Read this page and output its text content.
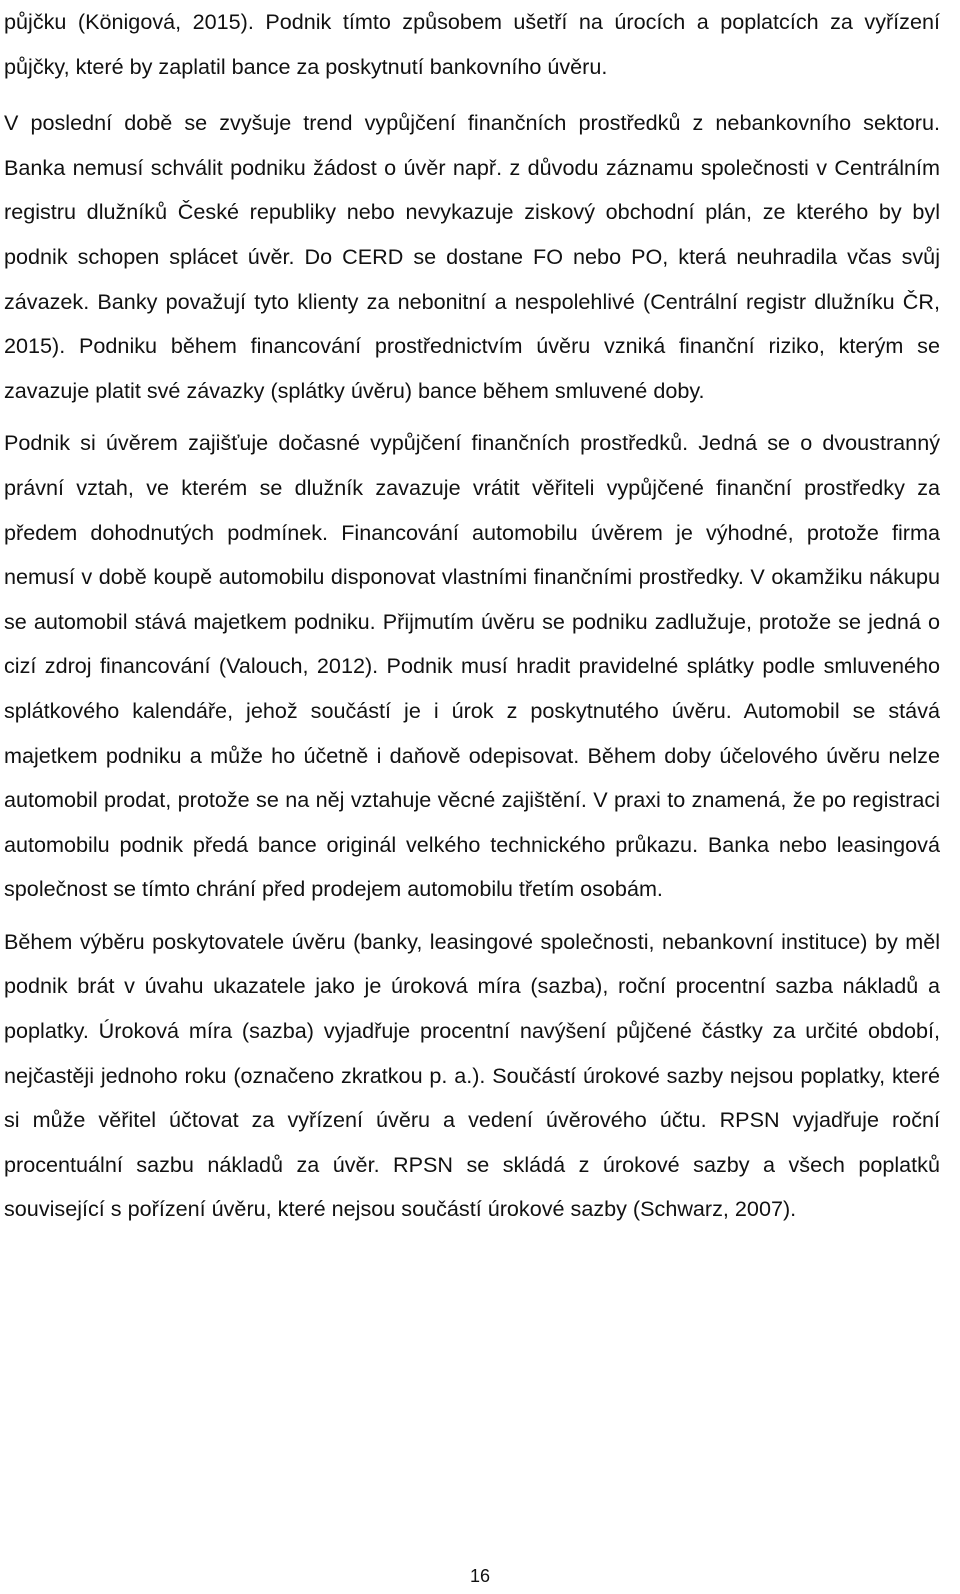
půjčku (Königová, 2015). Podnik tímto způsobem ušetří na úrocích a poplatcích za vyřízení půjčky, které by zaplatil bance za poskytnutí bankovního úvěru.

V poslední době se zvyšuje trend vypůjčení finančních prostředků z nebankovního sektoru. Banka nemusí schválit podniku žádost o úvěr např. z důvodu záznamu společnosti v Centrálním registru dlužníků České republiky nebo nevykazuje ziskový obchodní plán, ze kterého by byl podnik schopen splácet úvěr. Do CERD se dostane FO nebo PO, která neuhradila včas svůj závazek. Banky považují tyto klienty za nebonitní a nespolehlivé (Centrální registr dlužníku ČR, 2015). Podniku během financování prostřednictvím úvěru vzniká finanční riziko, kterým se zavazuje platit své závazky (splátky úvěru) bance během smluvené doby.

Podnik si úvěrem zajišťuje dočasné vypůjčení finančních prostředků. Jedná se o dvoustranný právní vztah, ve kterém se dlužník zavazuje vrátit věřiteli vypůjčené finanční prostředky za předem dohodnutých podmínek. Financování automobilu úvěrem je výhodné, protože firma nemusí v době koupě automobilu disponovat vlastními finančními prostředky. V okamžiku nákupu se automobil stává majetkem podniku. Přijmutím úvěru se podniku zadlužuje, protože se jedná o cizí zdroj financování (Valouch, 2012). Podnik musí hradit pravidelné splátky podle smluveného splátkového kalendáře, jehož součástí je i úrok z poskytnutého úvěru. Automobil se stává majetkem podniku a může ho účetně i daňově odepisovat. Během doby účelového úvěru nelze automobil prodat, protože se na něj vztahuje věcné zajištění. V praxi to znamená, že po registraci automobilu podnik předá bance originál velkého technického průkazu. Banka nebo leasingová společnost se tímto chrání před prodejem automobilu třetím osobám.

Během výběru poskytovatele úvěru (banky, leasingové společnosti, nebankovní instituce) by měl podnik brát v úvahu ukazatele jako je úroková míra (sazba), roční procentní sazba nákladů a poplatky. Úroková míra (sazba) vyjadřuje procentní navýšení půjčené částky za určité období, nejčastěji jednoho roku (označeno zkratkou p. a.). Součástí úrokové sazby nejsou poplatky, které si může věřitel účtovat za vyřízení úvěru a vedení úvěrového účtu. RPSN vyjadřuje roční procentuální sazbu nákladů za úvěr. RPSN se skládá z úrokové sazby a všech poplatků související s pořízení úvěru, které nejsou součástí úrokové sazby (Schwarz, 2007).

16
